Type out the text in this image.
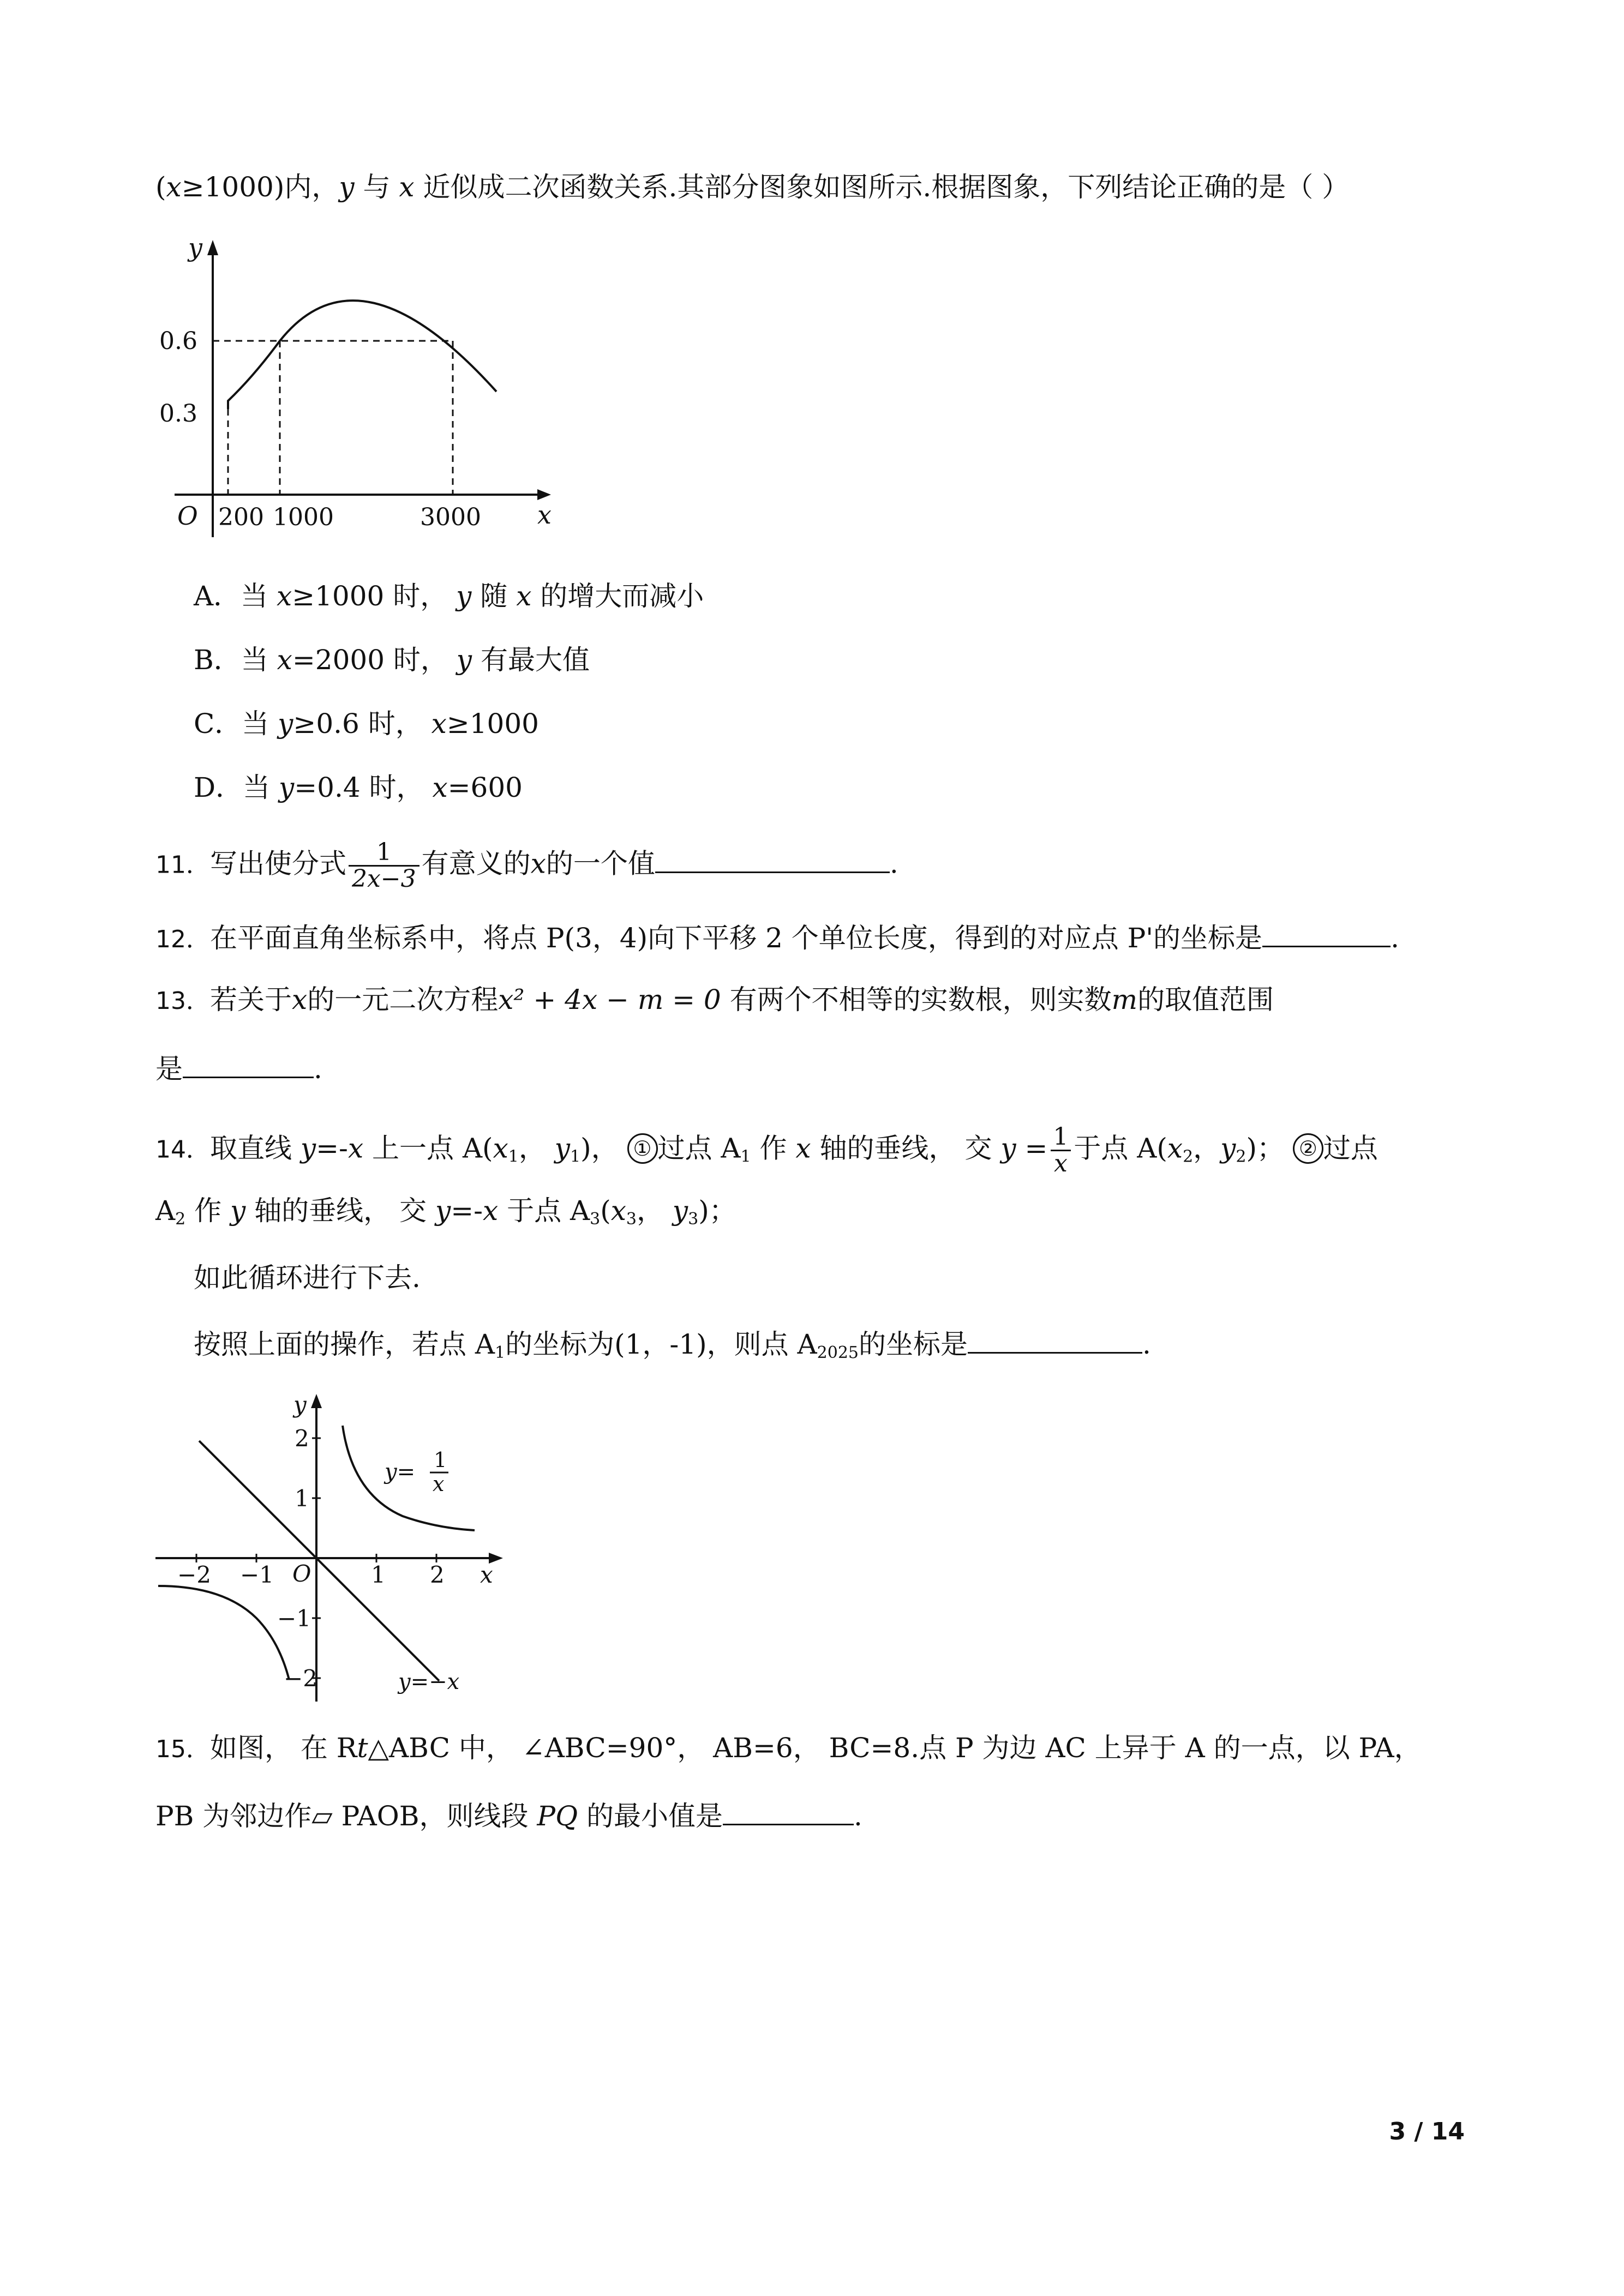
(x≥1000)内，y 与 x 近似成二次函数关系.其部分图象如图所示.根据图象，下列结论正确的是（ ）
y
x
O
0.6
0.3
200 1000	3000
A．当 x≥1000 时， y 随 x 的增大而减小
B．当 x=2000 时， y 有最大值
C．当 y≥0.6 时， x≥1000
D．当 y=0.4 时， x=600
11．写出使分式 $\frac{1}{2x-3}$ 有意义的x的一个值	.
12．在平面直角坐标系中，将点 P(3，4)向下平移 2 个单位长度，得到的对应点 P'的坐标是	.
13．若关于x的一元二次方程x² + 4x − m = 0 有两个不相等的实数根，则实数m的取值范围
是	.
14．取直线 y=-x 上一点 $A(x_1$， $y_1$)， ① 过点 $A_1$ 作 x 轴的垂线， 交 $y = \frac{1}{x}$ 于点 $A(x_2$，$y_2$)； ② 过点
$A_2$ 作 y 轴的垂线， 交 y=-x 于点 $A_3(x_3$， $y_3$)；
如此循环进行下去.
按照上面的操作，若点 $A_1$的坐标为(1，-1)，则点 $A_{2025}$的坐标是	.
y
x
O
−2 −1	1 2
2
1
−1
−2
y= 1
x
y=−x
15．如图， 在 Rt△ABC 中， ∠ABC=90°， AB=6， BC=8.点 P 为边 AC 上异于 A 的一点，以 PA，
PB 为邻边作▱ PAOB，则线段 PQ 的最小值是	.
3 / 14
